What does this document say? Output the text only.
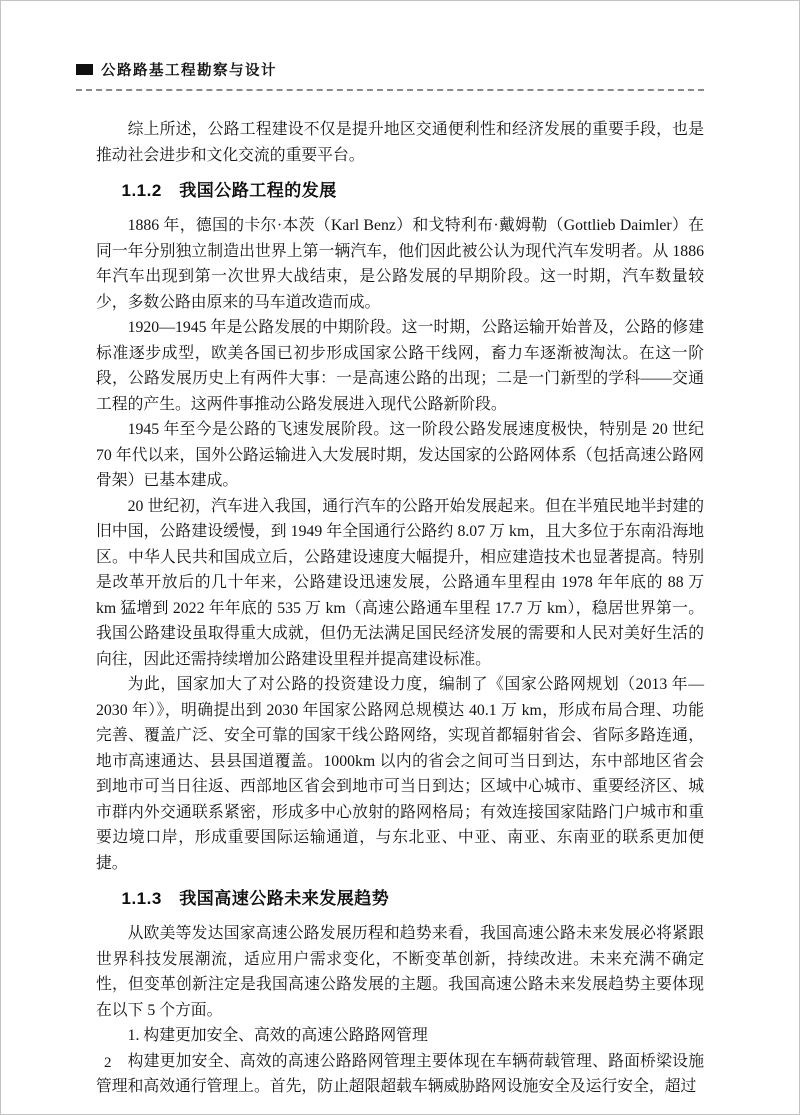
公路路基工程勘察与设计

综上所述，公路工程建设不仅是提升地区交通便利性和经济发展的重要手段，也是推动社会进步和文化交流的重要平台。

1.1.2　我国公路工程的发展

1886 年，德国的卡尔·本茨（Karl Benz）和戈特利布·戴姆勒（Gottlieb Daimler）在同一年分别独立制造出世界上第一辆汽车，他们因此被公认为现代汽车发明者。从 1886 年汽车出现到第一次世界大战结束，是公路发展的早期阶段。这一时期，汽车数量较少，多数公路由原来的马车道改造而成。

1920—1945 年是公路发展的中期阶段。这一时期，公路运输开始普及，公路的修建标准逐步成型，欧美各国已初步形成国家公路干线网，畜力车逐渐被淘汰。在这一阶段，公路发展历史上有两件大事：一是高速公路的出现；二是一门新型的学科——交通工程的产生。这两件事推动公路发展进入现代公路新阶段。

1945 年至今是公路的飞速发展阶段。这一阶段公路发展速度极快，特别是 20 世纪 70 年代以来，国外公路运输进入大发展时期，发达国家的公路网体系（包括高速公路网骨架）已基本建成。

20 世纪初，汽车进入我国，通行汽车的公路开始发展起来。但在半殖民地半封建的旧中国，公路建设缓慢，到 1949 年全国通行公路约 8.07 万 km，且大多位于东南沿海地区。中华人民共和国成立后，公路建设速度大幅提升，相应建造技术也显著提高。特别是改革开放后的几十年来，公路建设迅速发展，公路通车里程由 1978 年年底的 88 万 km 猛增到 2022 年年底的 535 万 km（高速公路通车里程 17.7 万 km），稳居世界第一。我国公路建设虽取得重大成就，但仍无法满足国民经济发展的需要和人民对美好生活的向往，因此还需持续增加公路建设里程并提高建设标准。

为此，国家加大了对公路的投资建设力度，编制了《国家公路网规划（2013 年—2030 年）》，明确提出到 2030 年国家公路网总规模达 40.1 万 km，形成布局合理、功能完善、覆盖广泛、安全可靠的国家干线公路网络，实现首都辐射省会、省际多路连通，地市高速通达、县县国道覆盖。1000km 以内的省会之间可当日到达，东中部地区省会到地市可当日往返、西部地区省会到地市可当日到达；区域中心城市、重要经济区、城市群内外交通联系紧密，形成多中心放射的路网格局；有效连接国家陆路门户城市和重要边境口岸，形成重要国际运输通道，与东北亚、中亚、南亚、东南亚的联系更加便捷。

1.1.3　我国高速公路未来发展趋势

从欧美等发达国家高速公路发展历程和趋势来看，我国高速公路未来发展必将紧跟世界科技发展潮流，适应用户需求变化，不断变革创新，持续改进。未来充满不确定性，但变革创新注定是我国高速公路发展的主题。我国高速公路未来发展趋势主要体现在以下 5 个方面。

1. 构建更加安全、高效的高速公路路网管理

构建更加安全、高效的高速公路路网管理主要体现在车辆荷载管理、路面桥梁设施管理和高效通行管理上。首先，防止超限超载车辆威胁路网设施安全及运行安全，超过

2
